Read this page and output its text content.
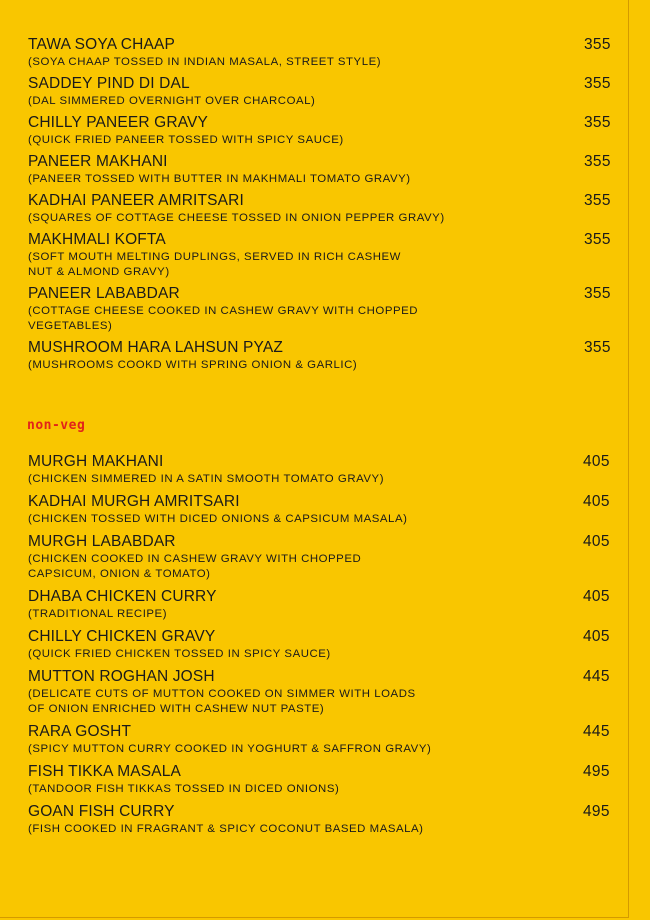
TAWA SOYA CHAAP	355
(SOYA CHAAP TOSSED IN INDIAN MASALA, STREET STYLE)
SADDEY PIND DI DAL	355
(DAL SIMMERED OVERNIGHT OVER CHARCOAL)
CHILLY PANEER GRAVY	355
(QUICK FRIED PANEER TOSSED WITH SPICY SAUCE)
PANEER MAKHANI	355
(PANEER TOSSED WITH BUTTER IN MAKHMALI TOMATO GRAVY)
KADHAI PANEER AMRITSARI	355
(SQUARES OF COTTAGE CHEESE TOSSED IN ONION PEPPER GRAVY)
MAKHMALI KOFTA	355
(SOFT MOUTH MELTING DUPLINGS, SERVED IN RICH CASHEW
NUT & ALMOND GRAVY)
PANEER LABABDAR	355
(COTTAGE CHEESE COOKED IN CASHEW GRAVY WITH CHOPPED
VEGETABLES)
MUSHROOM HARA LAHSUN PYAZ	355
(MUSHROOMS COOKD WITH SPRING ONION & GARLIC)
non-veg
MURGH MAKHANI	405
(CHICKEN SIMMERED IN A SATIN SMOOTH TOMATO GRAVY)
KADHAI MURGH AMRITSARI	405
(CHICKEN TOSSED WITH DICED ONIONS & CAPSICUM MASALA)
MURGH LABABDAR	405
(CHICKEN COOKED IN CASHEW GRAVY WITH CHOPPED
CAPSICUM, ONION & TOMATO)
DHABA CHICKEN CURRY	405
(TRADITIONAL RECIPE)
CHILLY CHICKEN GRAVY	405
(QUICK FRIED CHICKEN TOSSED IN SPICY SAUCE)
MUTTON ROGHAN JOSH	445
(DELICATE CUTS OF MUTTON COOKED ON SIMMER WITH LOADS
OF ONION ENRICHED WITH CASHEW NUT PASTE)
RARA GOSHT	445
(SPICY MUTTON CURRY COOKED IN YOGHURT & SAFFRON GRAVY)
FISH TIKKA MASALA	495
(TANDOOR FISH TIKKAS TOSSED IN DICED ONIONS)
GOAN FISH CURRY	495
(FISH COOKED IN FRAGRANT & SPICY COCONUT BASED MASALA)
